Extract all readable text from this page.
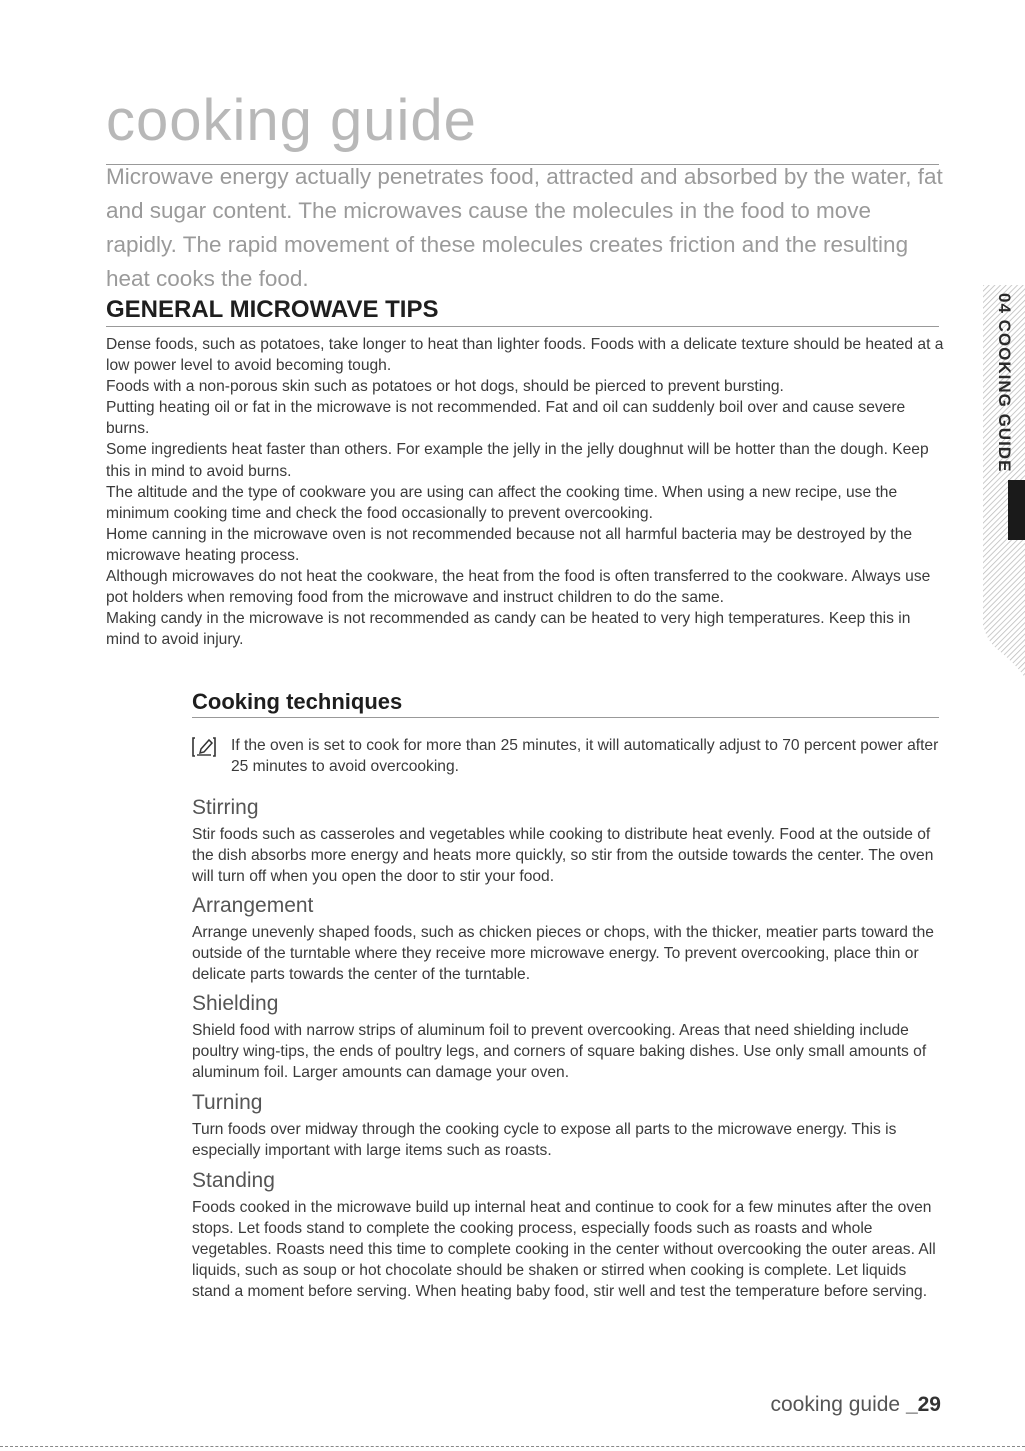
cooking guide

Microwave energy actually penetrates food, attracted and absorbed by the water, fat and sugar content. The microwaves cause the molecules in the food to move rapidly. The rapid movement of these molecules creates friction and the resulting heat cooks the food.

GENERAL MICROWAVE TIPS

Dense foods, such as potatoes, take longer to heat than lighter foods. Foods with a delicate texture should be heated at a low power level to avoid becoming tough.

Foods with a non-porous skin such as potatoes or hot dogs, should be pierced to prevent bursting.

Putting heating oil or fat in the microwave is not recommended. Fat and oil can suddenly boil over and cause severe burns.

Some ingredients heat faster than others. For example the jelly in the jelly doughnut will be hotter than the dough. Keep this in mind to avoid burns.

The altitude and the type of cookware you are using can affect the cooking time. When using a new recipe, use the minimum cooking time and check the food occasionally to prevent overcooking.

Home canning in the microwave oven is not recommended because not all harmful bacteria may be destroyed by the microwave heating process.

Although microwaves do not heat the cookware, the heat from the food is often transferred to the cookware. Always use pot holders when removing food from the microwave and instruct children to do the same.

Making candy in the microwave is not recommended as candy can be heated to very high temperatures. Keep this in mind to avoid injury.

Cooking techniques

If the oven is set to cook for more than 25 minutes, it will automatically adjust to 70 percent power after 25 minutes to avoid overcooking.

Stirring

Stir foods such as casseroles and vegetables while cooking to distribute heat evenly. Food at the outside of the dish absorbs more energy and heats more quickly, so stir from the outside towards the center. The oven will turn off when you open the door to stir your food.

Arrangement

Arrange unevenly shaped foods, such as chicken pieces or chops, with the thicker, meatier parts toward the outside of the turntable where they receive more microwave energy. To prevent overcooking, place thin or delicate parts towards the center of the turntable.

Shielding

Shield food with narrow strips of aluminum foil to prevent overcooking. Areas that need shielding include poultry wing-tips, the ends of poultry legs, and corners of square baking dishes. Use only small amounts of aluminum foil. Larger amounts can damage your oven.

Turning

Turn foods over midway through the cooking cycle to expose all parts to the microwave energy. This is especially important with large items such as roasts.

Standing

Foods cooked in the microwave build up internal heat and continue to cook for a few minutes after the oven stops. Let foods stand to complete the cooking process, especially foods such as roasts and whole vegetables. Roasts need this time to complete cooking in the center without overcooking the outer areas. All liquids, such as soup or hot chocolate should be shaken or stirred when cooking is complete. Let liquids stand a moment before serving. When heating baby food, stir well and test the temperature before serving.

04 COOKING GUIDE

cooking guide _29
